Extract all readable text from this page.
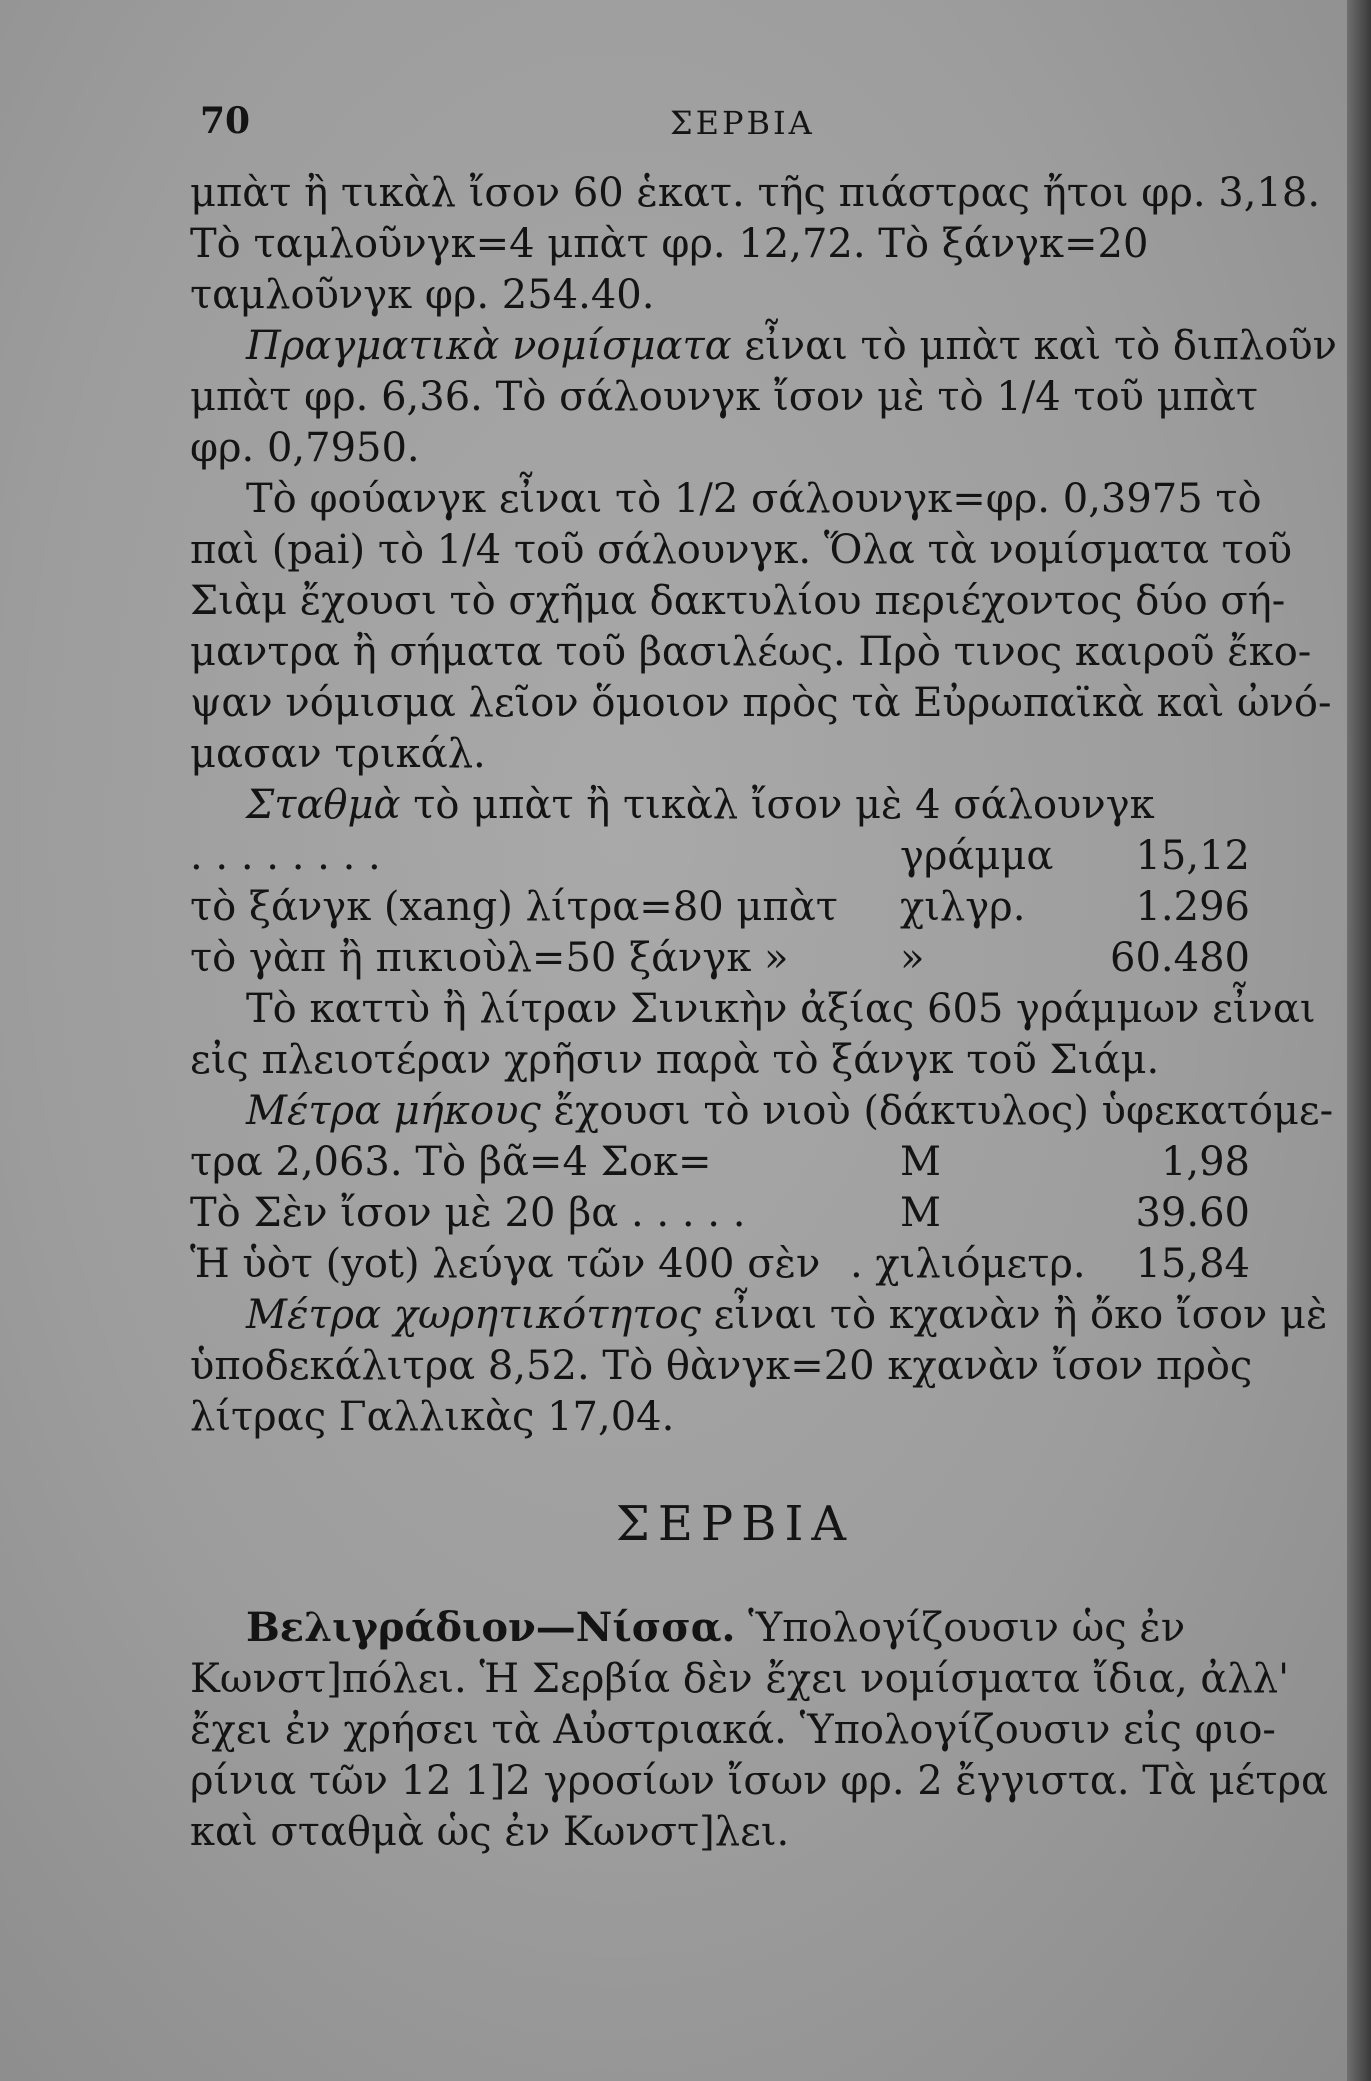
70	ΣΕΡΒΙΑ

μπὰτ ἢ τικὰλ ἴσον 60 ἑκατ. τῆς πιάστρας ἤτοι φρ. 3,18.
Τὸ ταμλοῦνγκ=4 μπὰτ φρ. 12,72. Τὸ ξάνγκ=20
ταμλοῦνγκ φρ. 254.40.

Πραγματικὰ νομίσματα εἶναι τὸ μπὰτ καὶ τὸ διπλοῦν
μπὰτ φρ. 6,36. Τὸ σάλουνγκ ἴσον μὲ τὸ 1/4 τοῦ μπὰτ
φρ. 0,7950.

Τὸ φούανγκ εἶναι τὸ 1/2 σάλουνγκ=φρ. 0,3975 τὸ
παὶ (pai) τὸ 1/4 τοῦ σάλουνγκ. Ὅλα τὰ νομίσματα τοῦ
Σιὰμ ἔχουσι τὸ σχῆμα δακτυλίου περιέχοντος δύο σή-
μαντρα ἢ σήματα τοῦ βασιλέως. Πρὸ τινος καιροῦ ἔκο-
ψαν νόμισμα λεῖον ὅμοιον πρὸς τὰ Εὐρωπαϊκὰ καὶ ὠνό-
μασαν τρικάλ.

Σταθμὰ τὸ μπὰτ ἢ τικὰλ ἴσον μὲ 4 σάλουνγκ
. . . . . . . .	γράμμα 15,12
τὸ ξάνγκ (xang) λίτρα=80 μπὰτ χιλγρ.	1.296
τὸ γὰπ ἢ πικιοὺλ=50 ξάνγκ »	»	60.480

Τὸ καττὺ ἢ λίτραν Σινικὴν ἀξίας 605 γράμμων εἶναι
εἰς πλειοτέραν χρῆσιν παρὰ τὸ ξάνγκ τοῦ Σιάμ.

Μέτρα μήκους ἔχουσι τὸ νιοὺ (δάκτυλος) ὑφεκατόμε-
τρα 2,063. Τὸ βᾶ=4 Σοκ=	Μ	1,98
Τὸ Σὲν ἴσον μὲ 20 βα . . . . .	Μ	39.60
Ἡ ὑὸτ (yot) λεύγα τῶν 400 σὲν . χιλιόμετρ. 15,84

Μέτρα χωρητικότητος εἶναι τὸ κχανὰν ἢ ὄκο ἴσον μὲ
ὑποδεκάλιτρα 8,52. Τὸ θὰνγκ=20 κχανὰν ἴσον πρὸς
λίτρας Γαλλικὰς 17,04.

ΣΕΡΒΙΑ

Βελιγράδιον—Νίσσα. Ὑπολογίζουσιν ὡς ἐν
Κωνστ]πόλει. Ἡ Σερβία δὲν ἔχει νομίσματα ἴδια, ἀλλ'
ἔχει ἐν χρήσει τὰ Αὐστριακά. Ὑπολογίζουσιν εἰς φιο-
ρίνια τῶν 12 1]2 γροσίων ἴσων φρ. 2 ἔγγιστα. Τὰ μέτρα
καὶ σταθμὰ ὡς ἐν Κωνστ]λει.
